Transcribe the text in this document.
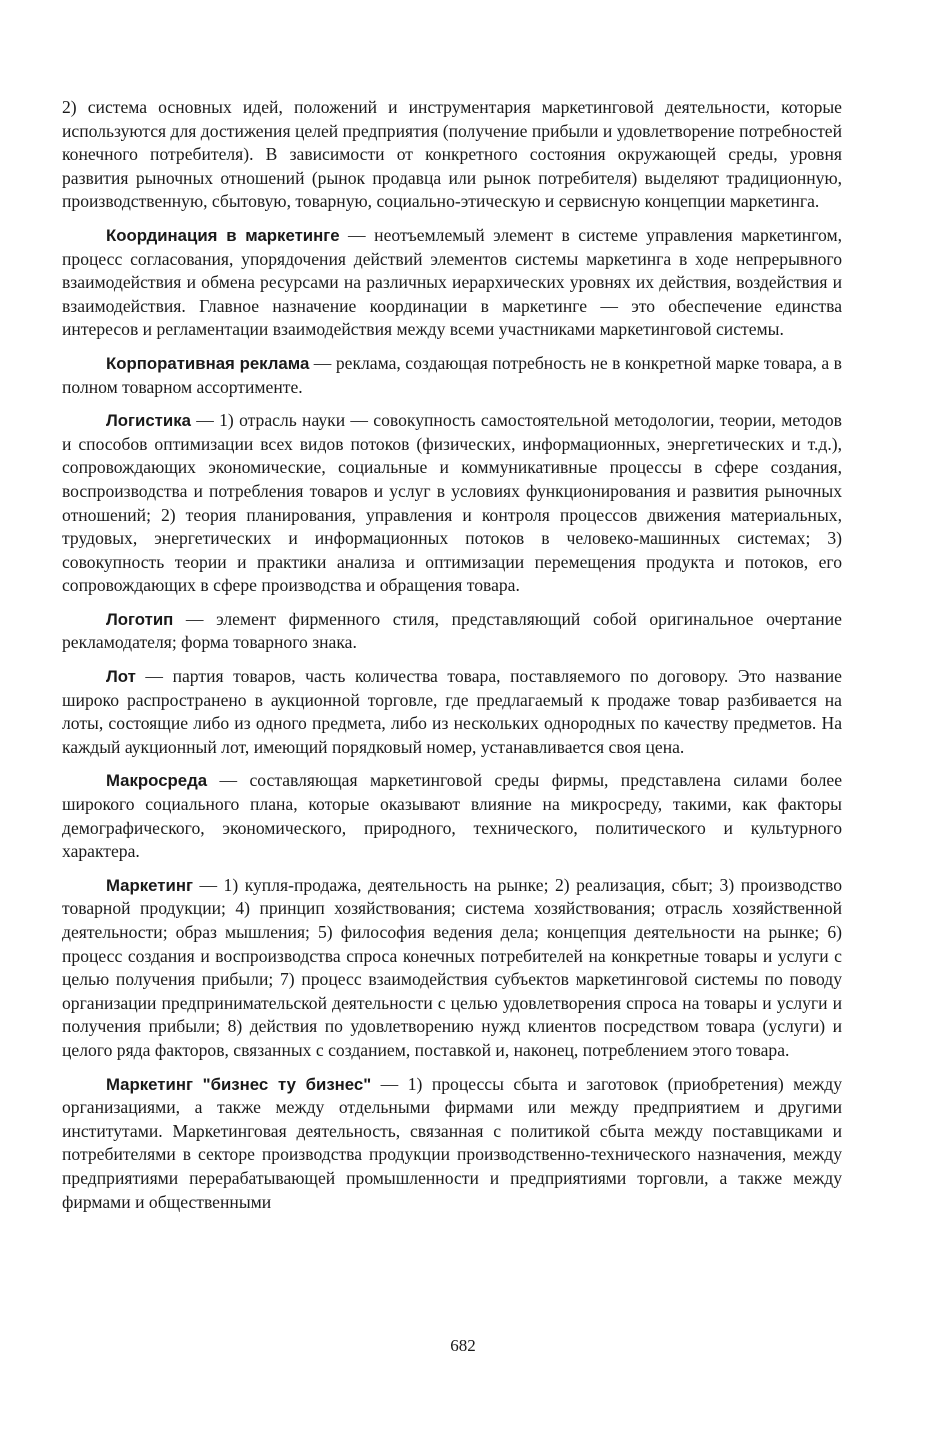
2) система основных идей, положений и инструментария маркетинговой деятельности, которые используются для достижения целей предприятия (получение прибыли и удовлетворение потребностей конечного потребителя). В зависимости от конкретного состояния окружающей среды, уровня развития рыночных отношений (рынок продавца или рынок потребителя) выделяют традиционную, производственную, сбытовую, товарную, социально-этическую и сервисную концепции маркетинга.

Координация в маркетинге — неотъемлемый элемент в системе управления маркетингом, процесс согласования, упорядочения действий элементов системы маркетинга в ходе непрерывного взаимодействия и обмена ресурсами на различных иерархических уровнях их действия, воздействия и взаимодействия. Главное назначение координации в маркетинге — это обеспечение единства интересов и регламентации взаимодействия между всеми участниками маркетинговой системы.

Корпоративная реклама — реклама, создающая потребность не в конкретной марке товара, а в полном товарном ассортименте.

Логистика — 1) отрасль науки — совокупность самостоятельной методологии, теории, методов и способов оптимизации всех видов потоков (физических, информационных, энергетических и т.д.), сопровождающих экономические, социальные и коммуникативные процессы в сфере создания, воспроизводства и потребления товаров и услуг в условиях функционирования и развития рыночных отношений; 2) теория планирования, управления и контроля процессов движения материальных, трудовых, энергетических и информационных потоков в человеко-машинных системах; 3) совокупность теории и практики анализа и оптимизации перемещения продукта и потоков, его сопровождающих в сфере производства и обращения товара.

Логотип — элемент фирменного стиля, представляющий собой оригинальное очертание рекламодателя; форма товарного знака.

Лот — партия товаров, часть количества товара, поставляемого по договору. Это название широко распространено в аукционной торговле, где предлагаемый к продаже товар разбивается на лоты, состоящие либо из одного предмета, либо из нескольких однородных по качеству предметов. На каждый аукционный лот, имеющий порядковый номер, устанавливается своя цена.

Макросреда — составляющая маркетинговой среды фирмы, представлена силами более широкого социального плана, которые оказывают влияние на микросреду, такими, как факторы демографического, экономического, природного, технического, политического и культурного характера.

Маркетинг — 1) купля-продажа, деятельность на рынке; 2) реализация, сбыт; 3) производство товарной продукции; 4) принцип хозяйствования; система хозяйствования; отрасль хозяйственной деятельности; образ мышления; 5) философия ведения дела; концепция деятельности на рынке; 6) процесс создания и воспроизводства спроса конечных потребителей на конкретные товары и услуги с целью получения прибыли; 7) процесс взаимодействия субъектов маркетинговой системы по поводу организации предпринимательской деятельности с целью удовлетворения спроса на товары и услуги и получения прибыли; 8) действия по удовлетворению нужд клиентов посредством товара (услуги) и целого ряда факторов, связанных с созданием, поставкой и, наконец, потреблением этого товара.

Маркетинг "бизнес ту бизнес" — 1) процессы сбыта и заготовок (приобретения) между организациями, а также между отдельными фирмами или между предприятием и другими институтами. Маркетинговая деятельность, связанная с политикой сбыта между поставщиками и потребителями в секторе производства продукции производственно-технического назначения, между предприятиями перерабатывающей промышленности и предприятиями торговли, а также между фирмами и общественными

682
